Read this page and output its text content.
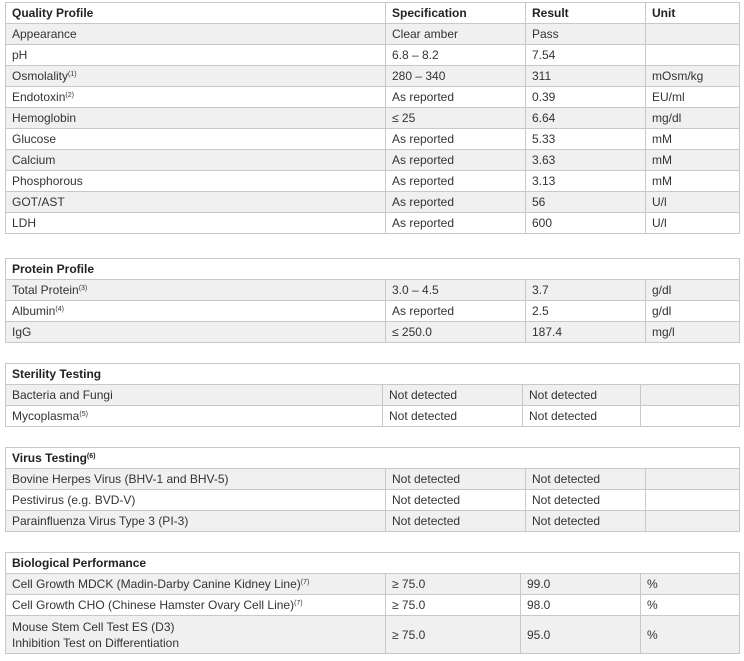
Quality Profile	Specification	Result	Unit
Appearance	Clear amber	Pass	
pH	6.8 – 8.2	7.54	
Osmolality$^{(1)}$	280 – 340	311	mOsm/kg
Endotoxin$^{(2)}$	As reported	0.39	EU/ml
Hemoglobin	≤ 25	6.64	mg/dl
Glucose	As reported	5.33	mM
Calcium	As reported	3.63	mM
Phosphorous	As reported	3.13	mM
GOT/AST	As reported	56	U/l
LDH	As reported	600	U/l
Protein Profile			
Total Protein$^{(3)}$	3.0 – 4.5	3.7	g/dl
Albumin$^{(4)}$	As reported	2.5	g/dl
IgG	≤ 250.0	187.4	mg/l
Sterility Testing			
Bacteria and Fungi	Not detected	Not detected	
Mycoplasma$^{(5)}$	Not detected	Not detected	
Virus Testing$^{(6)}$
Bovine Herpes Virus (BHV-1 and BHV-5)	Not detected	Not detected	
Pestivirus (e.g. BVD-V)	Not detected	Not detected	
Parainfluenza Virus Type 3 (PI-3)	Not detected	Not detected	
Biological Performance			
Cell Growth MDCK (Madin-Darby Canine Kidney Line)$^{(7)}$	≥ 75.0	99.0	%
Cell Growth CHO (Chinese Hamster Ovary Cell Line)$^{(7)}$	≥ 75.0	98.0	%

Mouse Stem Cell Test ES (D3)
Inhibition Test on Differentiation	≥ 75.0	95.0	%
